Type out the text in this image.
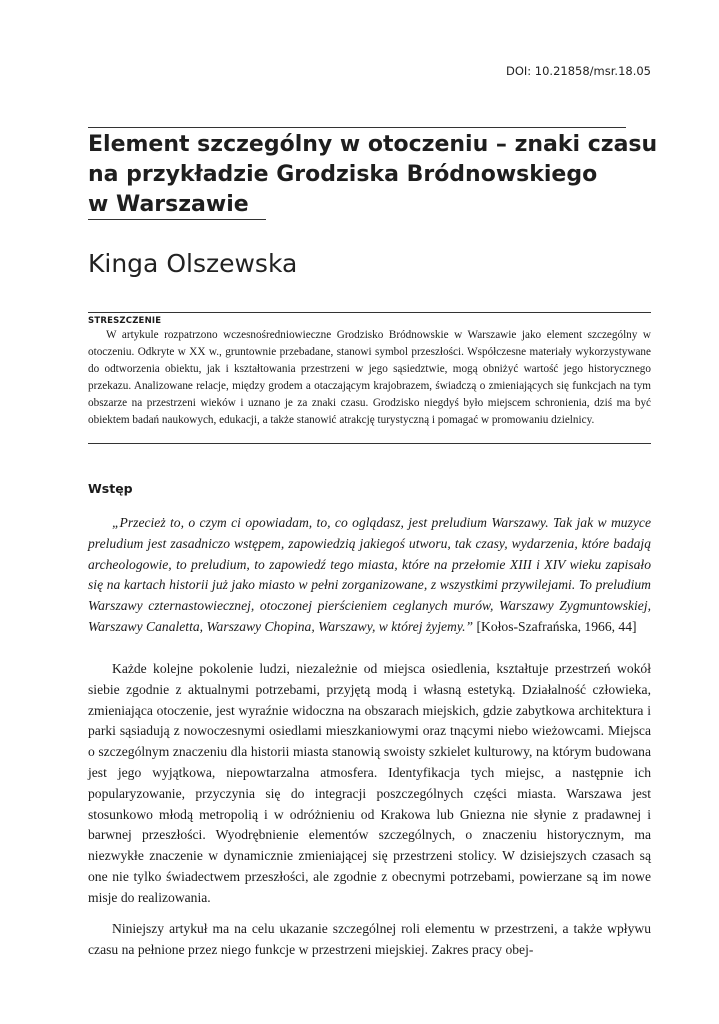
DOI: 10.21858/msr.18.05
Element szczególny w otoczeniu – znaki czasu
na przykładzie Grodziska Bródnowskiego
w Warszawie
Kinga Olszewska
STRESZCZENIE
W artykule rozpatrzono wczesnośredniowieczne Grodzisko Bródnowskie w Warszawie jako element szczególny w otoczeniu. Odkryte w XX w., gruntownie przebadane, stanowi symbol przeszłości. Współczesne materiały wykorzystywane do odtworzenia obiektu, jak i kształtowania przestrzeni w jego sąsiedztwie, mogą obniżyć wartość jego historycznego przekazu. Analizowane relacje, między grodem a otaczającym krajobrazem, świadczą o zmieniających się funkcjach na tym obszarze na przestrzeni wieków i uznano je za znaki czasu. Grodzisko niegdyś było miejscem schronienia, dziś ma być obiektem badań naukowych, edukacji, a także stanowić atrakcję turystyczną i pomagać w promowaniu dzielnicy.
Wstęp
„Przecież to, o czym ci opowiadam, to, co oglądasz, jest preludium Warszawy. Tak jak w muzyce preludium jest zasadniczo wstępem, zapowiedzią jakiegoś utworu, tak czasy, wydarzenia, które badają archeologowie, to preludium, to zapowiedź tego miasta, które na przełomie XIII i XIV wieku zapisało się na kartach historii już jako miasto w pełni zorganizowane, z wszystkimi przywilejami. To preludium Warszawy czternastowiecznej, otoczonej pierścieniem ceglanych murów, Warszawy Zygmuntowskiej, Warszawy Canaletta, Warszawy Chopina, Warszawy, w której żyjemy.” [Kołos-Szafrańska, 1966, 44]
Każde kolejne pokolenie ludzi, niezależnie od miejsca osiedlenia, kształtuje przestrzeń wokół siebie zgodnie z aktualnymi potrzebami, przyjętą modą i własną estetyką. Działalność człowieka, zmieniająca otoczenie, jest wyraźnie widoczna na obszarach miejskich, gdzie zabytkowa architektura i parki sąsiadują z nowoczesnymi osiedlami mieszkaniowymi oraz tnącymi niebo wieżowcami. Miejsca o szczególnym znaczeniu dla historii miasta stanowią swoisty szkielet kulturowy, na którym budowana jest jego wyjątkowa, niepowtarzalna atmosfera. Identyfikacja tych miejsc, a następnie ich popularyzowanie, przyczynia się do integracji poszczególnych części miasta. Warszawa jest stosunkowo młodą metropolią i w odróżnieniu od Krakowa lub Gniezna nie słynie z pradawnej i barwnej przeszłości. Wyodrębnienie elementów szczególnych, o znaczeniu historycznym, ma niezwykłe znaczenie w dynamicznie zmieniającej się przestrzeni stolicy. W dzisiejszych czasach są one nie tylko świadectwem przeszłości, ale zgodnie z obecnymi potrzebami, powierzane są im nowe misje do realizowania.
Niniejszy artykuł ma na celu ukazanie szczególnej roli elementu w przestrzeni, a także wpływu czasu na pełnione przez niego funkcje w przestrzeni miejskiej. Zakres pracy obej-
